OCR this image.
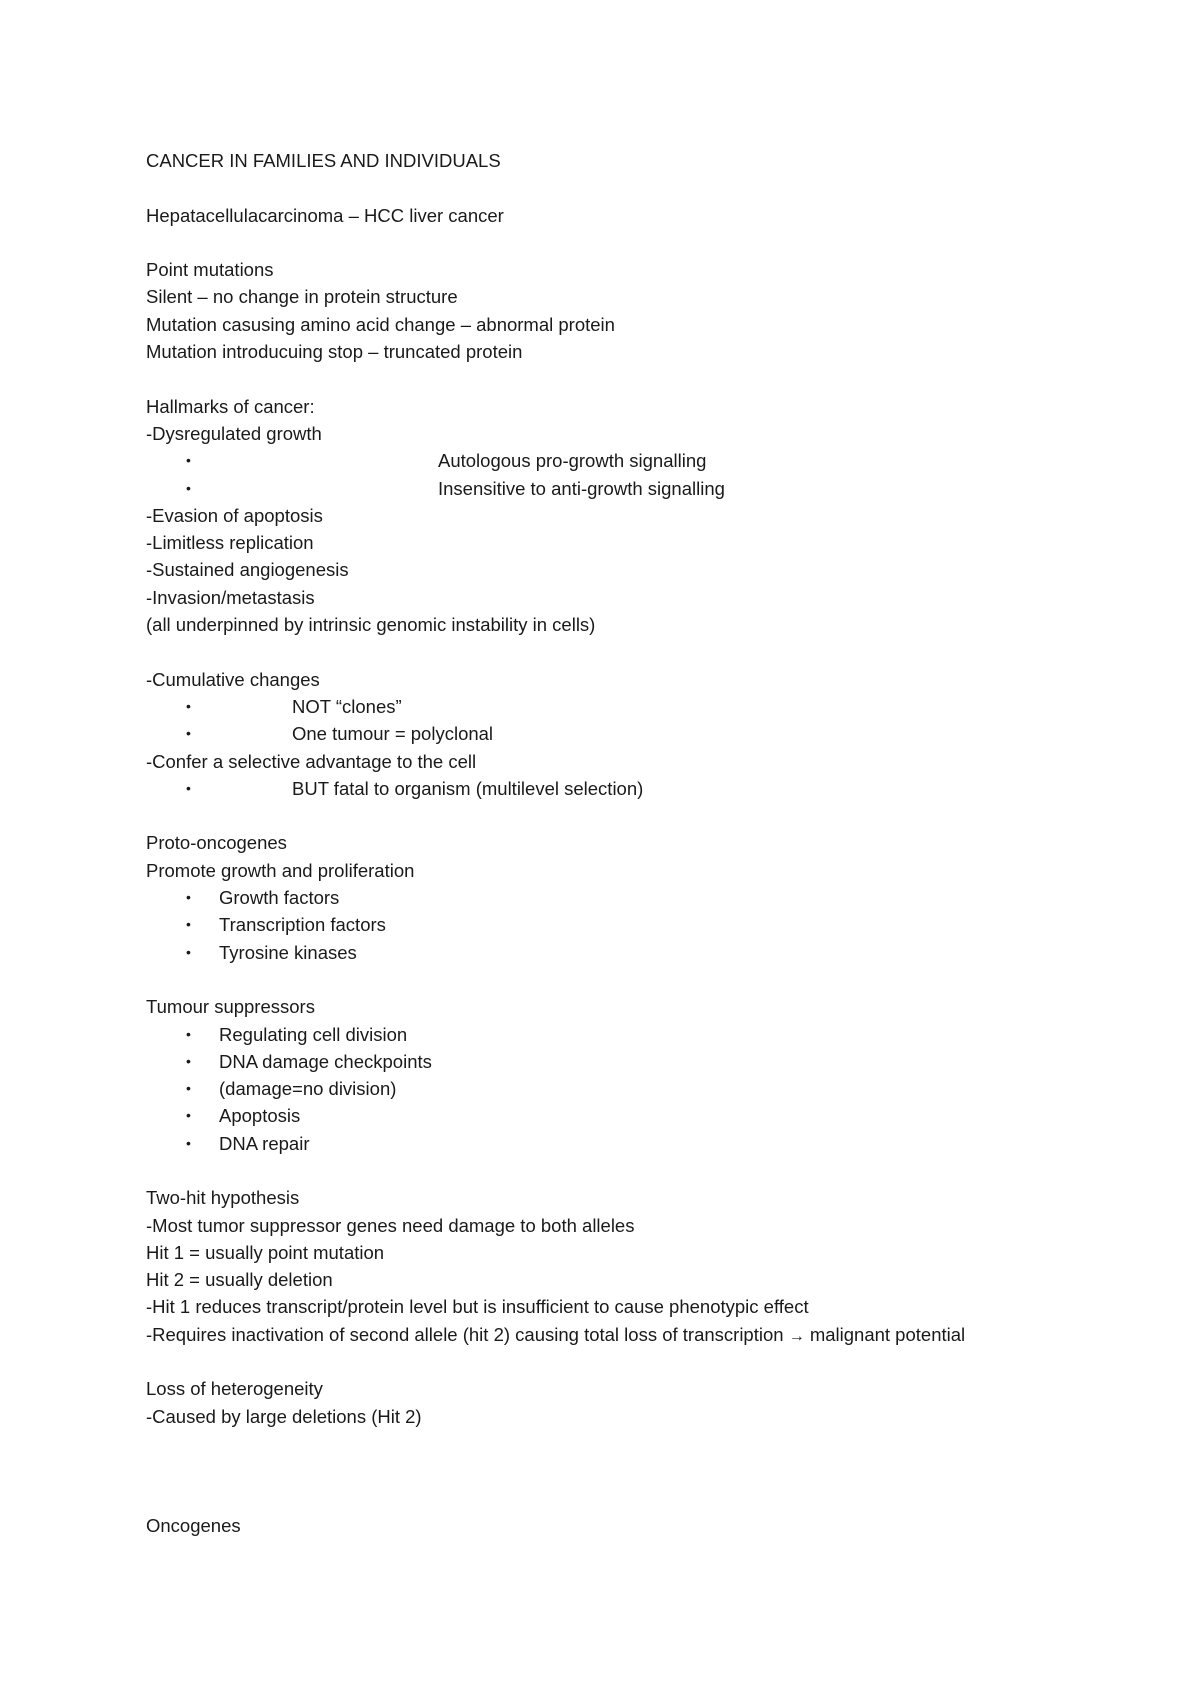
CANCER IN FAMILIES AND INDIVIDUALS
Hepatacellulacarcinoma – HCC liver cancer
Point mutations
Silent – no change in protein structure
Mutation casusing amino acid change – abnormal protein
Mutation introducuing stop – truncated protein
Hallmarks of cancer:
-Dysregulated growth
•	Autologous pro-growth signalling
•	Insensitive to anti-growth signalling
-Evasion of apoptosis
-Limitless replication
-Sustained angiogenesis
-Invasion/metastasis
(all underpinned by intrinsic genomic instability in cells)
-Cumulative changes
•	NOT “clones”
•	One tumour = polyclonal
-Confer a selective advantage to the cell
•	BUT fatal to organism (multilevel selection)
Proto-oncogenes
Promote growth and proliferation
• Growth factors
• Transcription factors
• Tyrosine kinases
Tumour suppressors
• Regulating cell division
• DNA damage checkpoints
• (damage=no division)
• Apoptosis
• DNA repair
Two-hit hypothesis
-Most tumor suppressor genes need damage to both alleles
Hit 1 = usually point mutation
Hit 2 = usually deletion
-Hit 1 reduces transcript/protein level but is insufficient to cause phenotypic effect
-Requires inactivation of second allele (hit 2) causing total loss of transcription → malignant potential
Loss of heterogeneity
-Caused by large deletions (Hit 2)
Oncogenes
